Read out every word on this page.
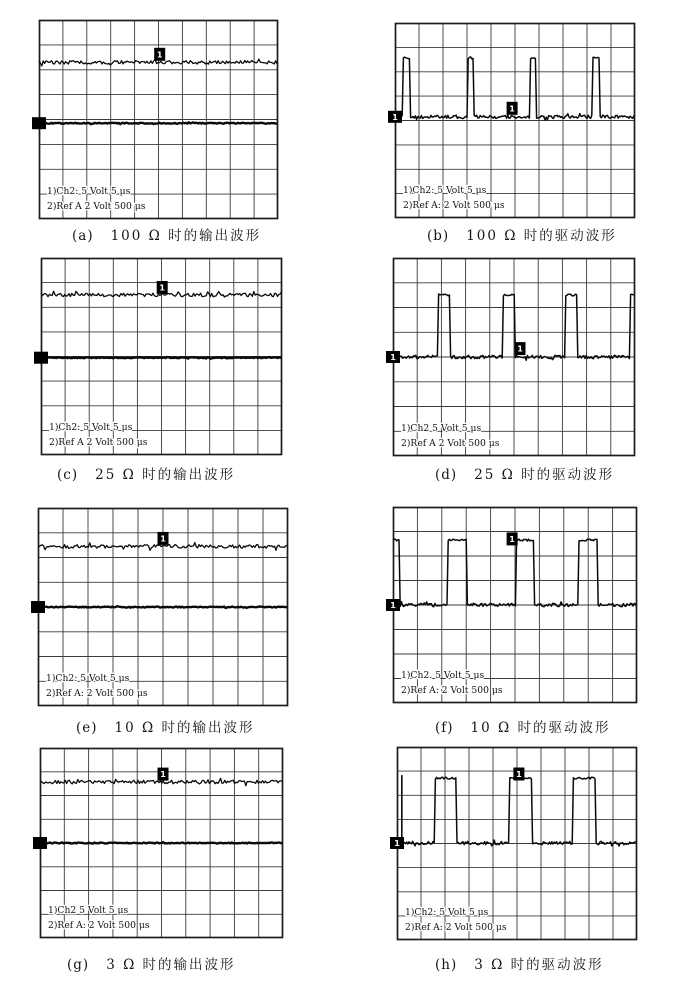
1
1)Ch2: 5 Volt 5 μs
2)Ref A 2 Volt 500 μs
(a) 100 Ω 时的输出波形
1
1
1)Ch2: 5 Volt 5 μs
2)Ref A: 2 Volt 500 μs
(b) 100 Ω 时的驱动波形
1
1)Ch2: 5 Volt 5 μs
2)Ref A 2 Volt 500 μs
(c) 25 Ω 时的输出波形
1
1
1)Ch2 5 Volt 5 μs
2)Ref A 2 Volt 500 μs
(d) 25 Ω 时的驱动波形
1
1)Ch2: 5 Volt 5 μs
2)Ref A: 2 Volt 500 μs
(e) 10 Ω 时的输出波形
1
1
1)Ch2. 5 Volt 5 μs
2)Ref A: 2 Volt 500 μs
(f) 10 Ω 时的驱动波形
1
1)Ch2 5 Volt 5 μs
2)Ref A: 2 Volt 500 μs
(g) 3 Ω 时的输出波形
1
1
1)Ch2: 5 Volt 5 μs
2)Ref A: 2 Volt 500 μs
(h) 3 Ω 时的驱动波形
